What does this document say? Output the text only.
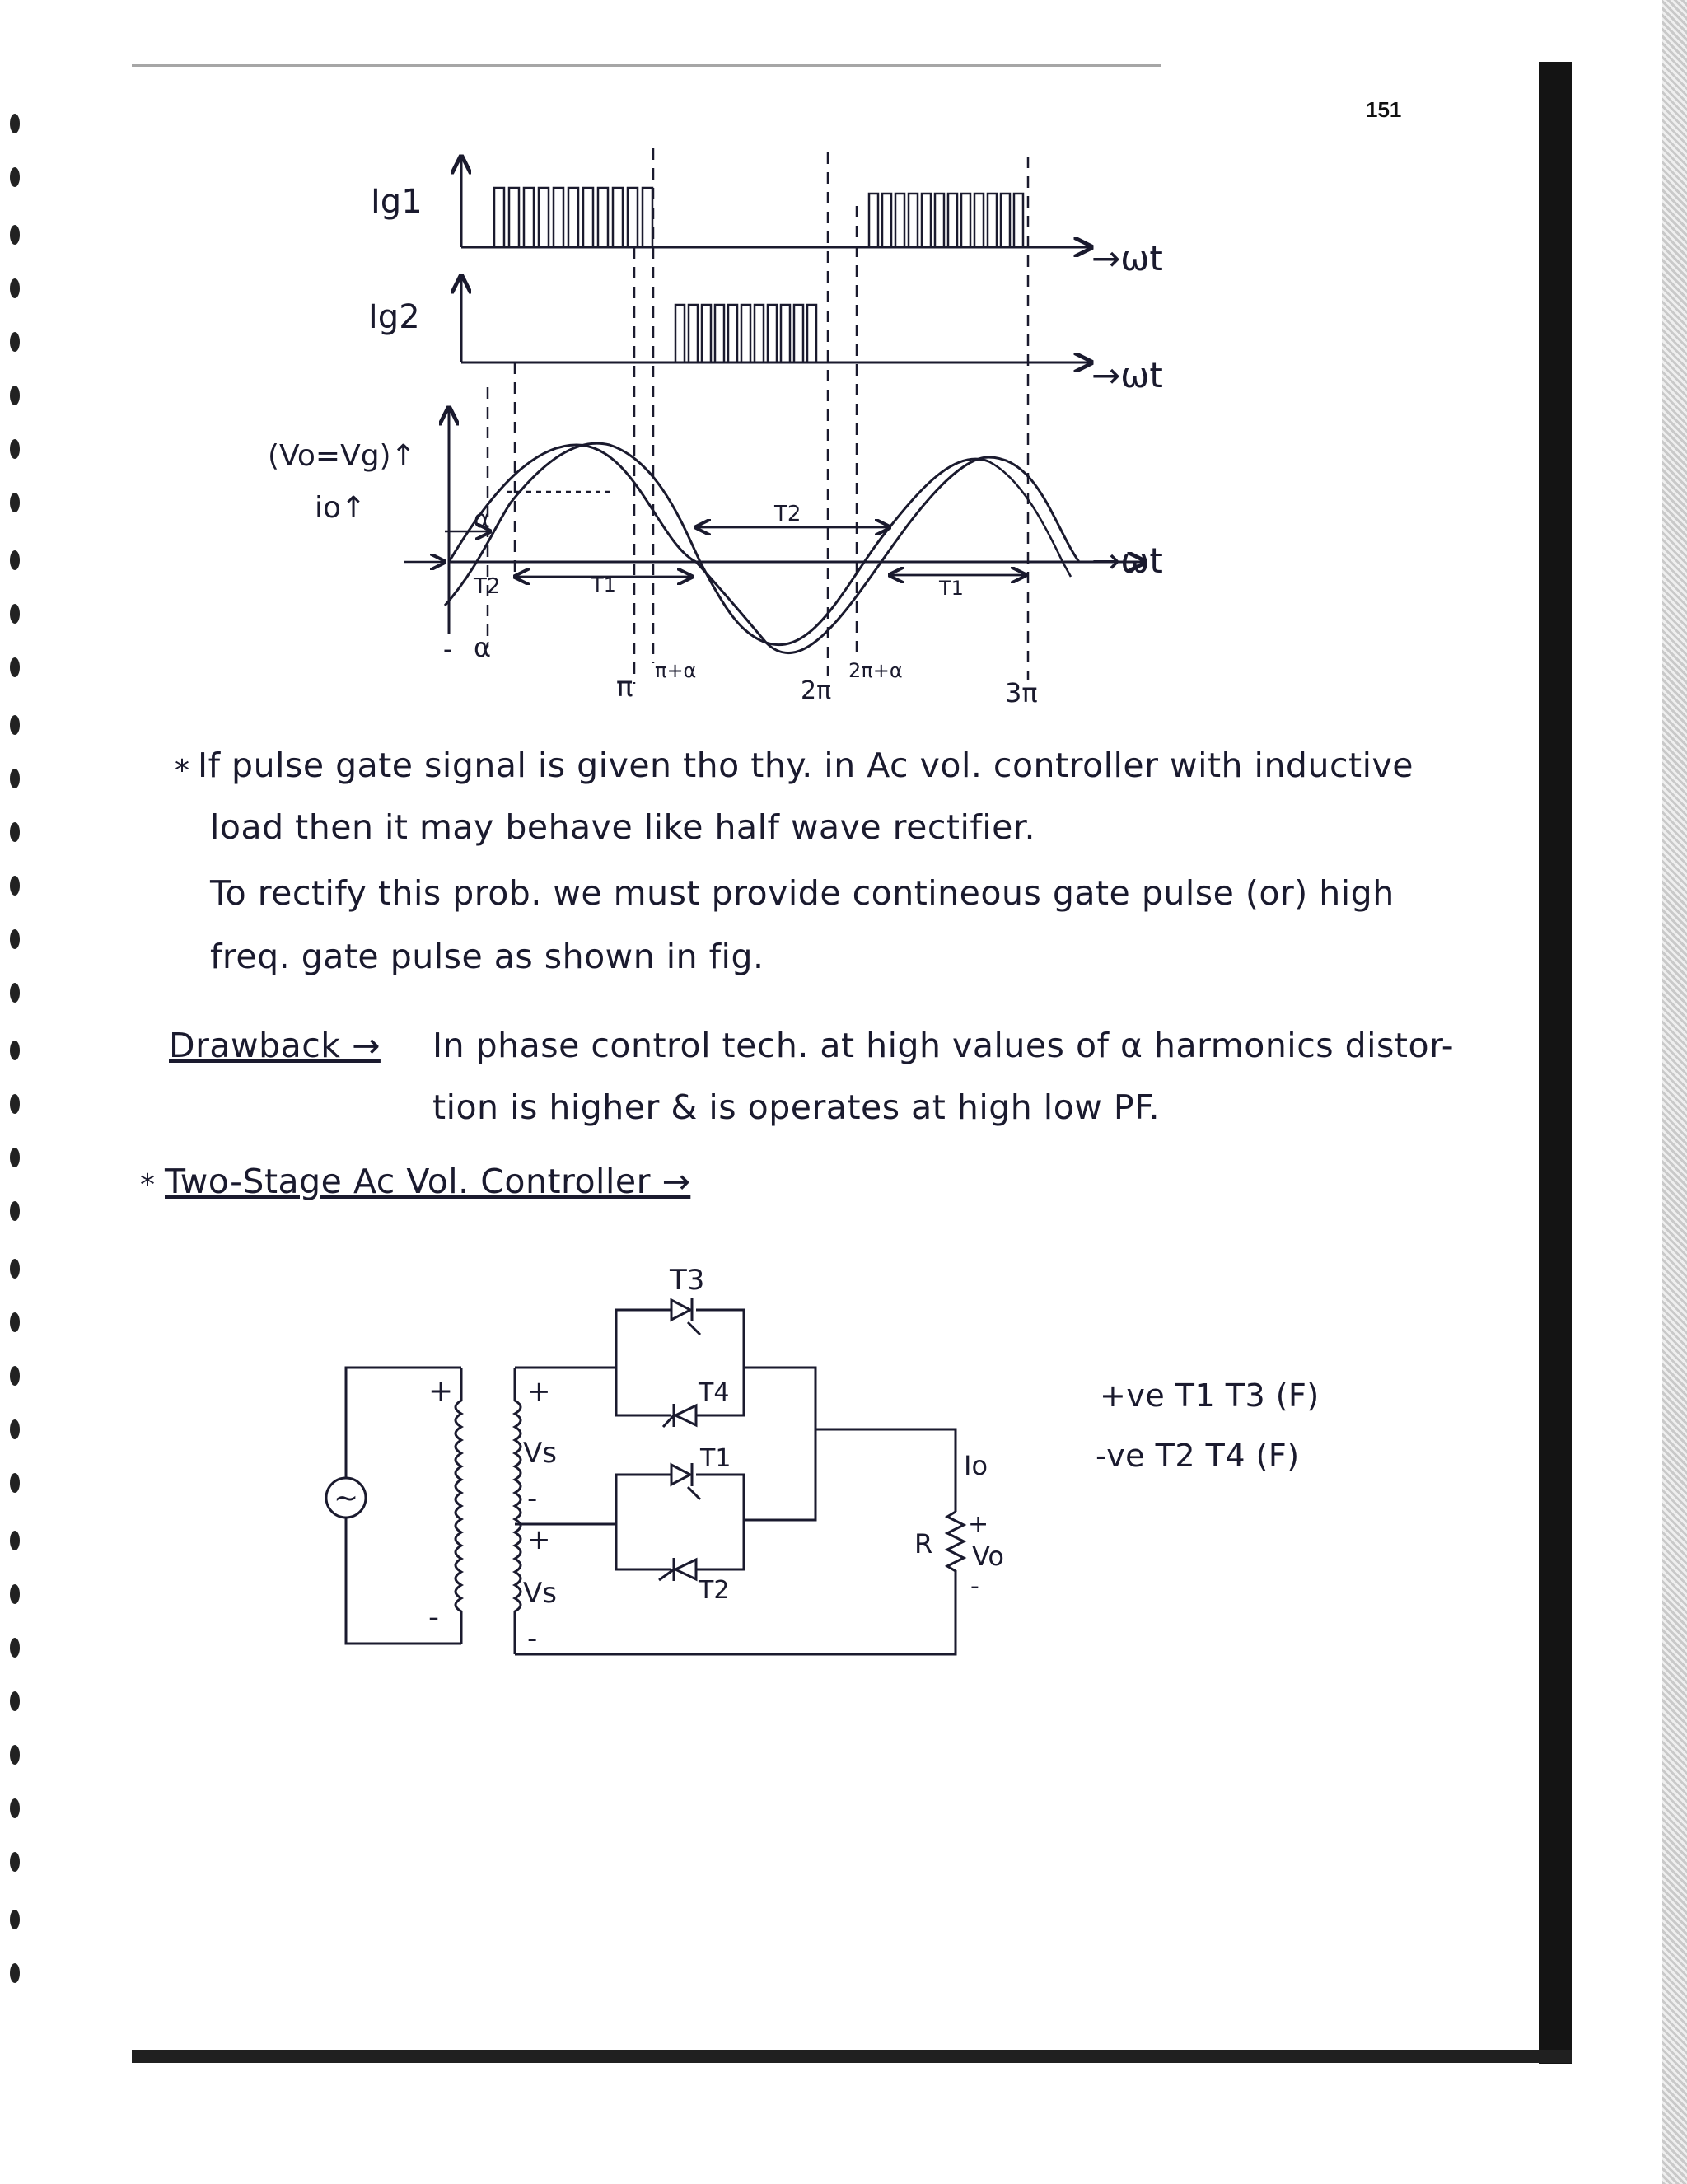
151
Ig1
→ωt
Ig2
→ωt
(Vo=Vg)↑
io↑
→ωt
T1	T1
T2
T2
α
- α
π π+α
2π
2π+α
3π
* If pulse gate signal is given tho thy. in Ac vol. controller with inductive
load then it may behave like half wave rectifier.
To rectify this prob. we must provide contineous gate pulse (or) high
freq. gate pulse as shown in fig.
Drawback → In phase control tech. at high values of α harmonics distor-
tion is higher & is operates at high low PF.
* Two-Stage Ac Vol. Controller →
~
+
-
+
Vs
-
+
Vs
-
T3
T4
T1
T2
Io
R
+
Vo
-
+ve T1 T3 (F)
-ve T2 T4 (F)
